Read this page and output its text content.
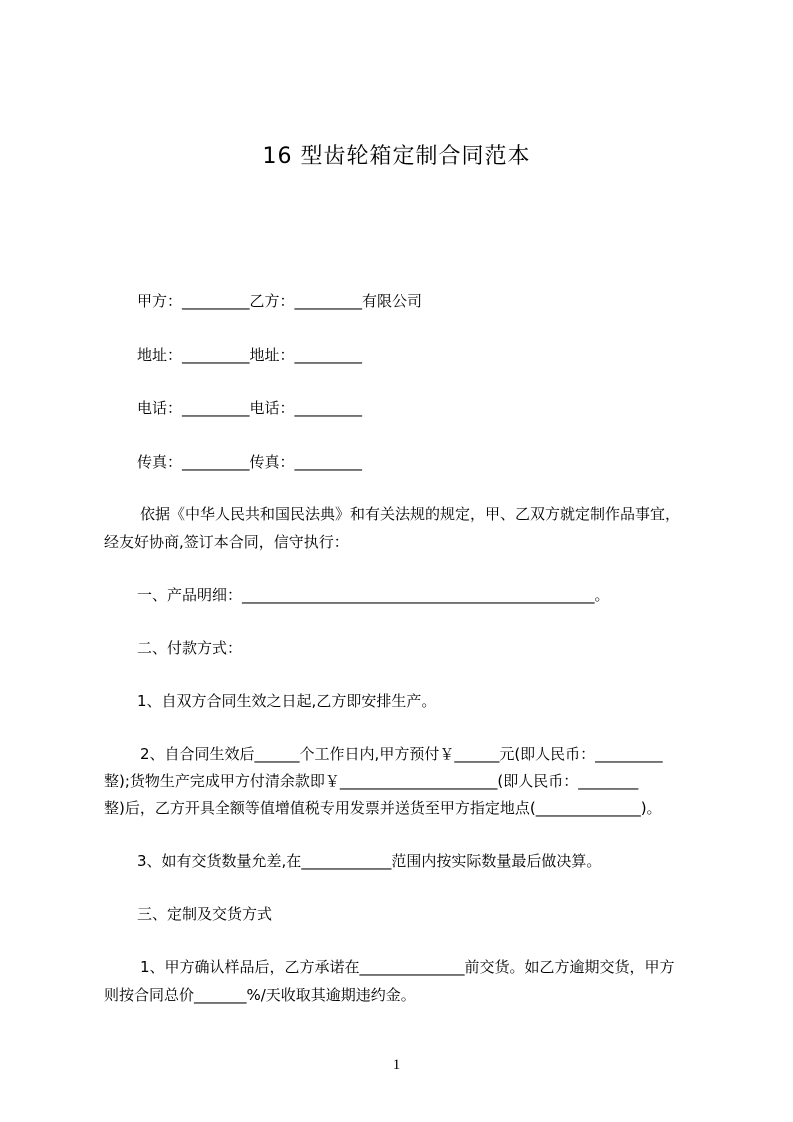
16 型齿轮箱定制合同范本
甲方：_________乙方：_________有限公司
地址：_________地址：_________
电话：_________电话：_________
传真：_________传真：_________
依据《中华人民共和国民法典》和有关法规的规定，甲、乙双方就定制作品事宜，
经友好协商,签订本合同，信守执行：
一、产品明细：_______________________________________________。
二、付款方式：
1、自双方合同生效之日起,乙方即安排生产。
2、自合同生效后______个工作日内,甲方预付￥______元(即人民币：_________
整);货物生产完成甲方付清余款即￥_____________________(即人民币：________
整)后，乙方开具全额等值增值税专用发票并送货至甲方指定地点(______________)。
3、如有交货数量允差,在____________范围内按实际数量最后做决算。
三、定制及交货方式
1、甲方确认样品后，乙方承诺在______________前交货。如乙方逾期交货，甲方
则按合同总价_______%/天收取其逾期违约金。
1
